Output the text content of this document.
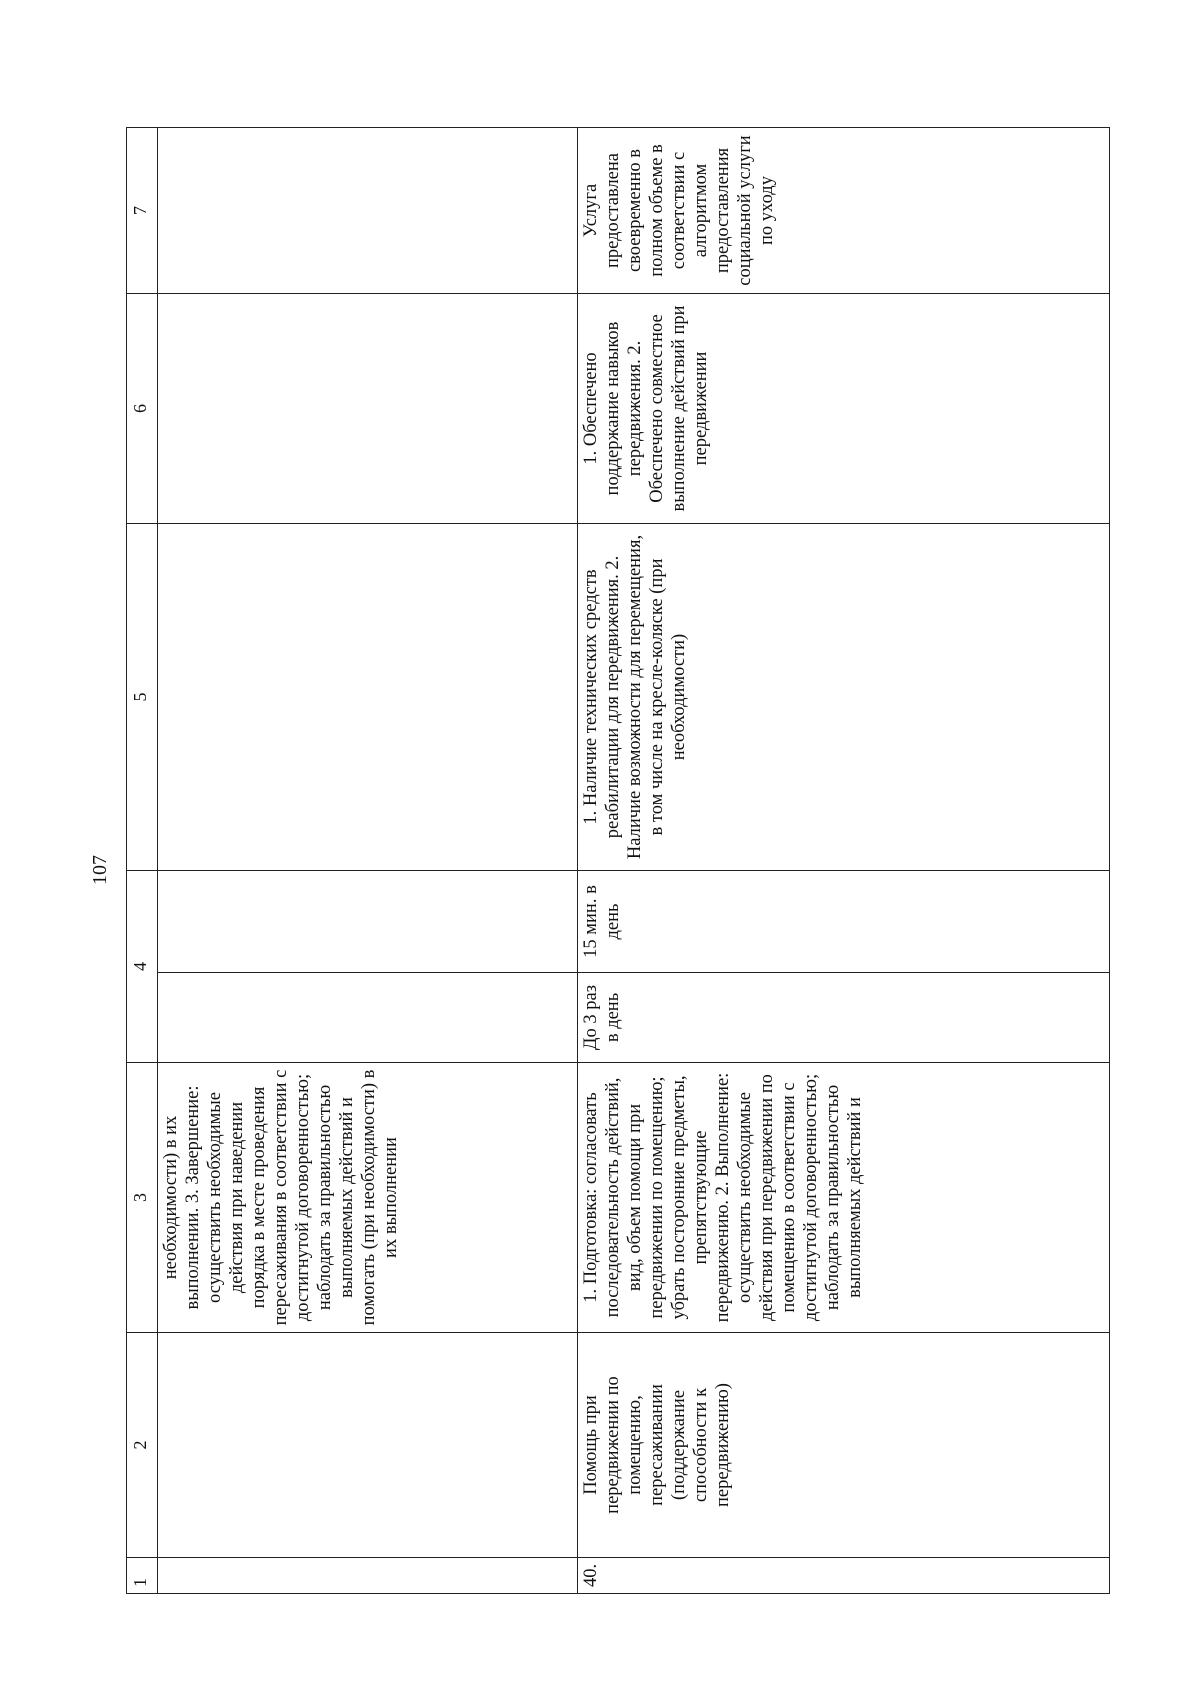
107
1	2	3	4		5	6	7
		необходимости) в их выполнении. 3. Завершение: осуществить необходимые действия при наведении порядка в месте проведения пересаживания в соответствии с достигнутой договоренностью; наблодать за правильностью выполняемых действий и помогать (при необходимости) в их выполнении					
40.	Помощь при передвижении по помещению, пересаживании (поддержание способности к передвижению)	1. Подготовка: согласовать последовательность действий, вид, объем помощи при передвижении по помещению; убрать посторонние предметы, препятствующие передвижению. 2. Выполнение: осуществить необходимые действия при передвижении по помещению в соответствии с достигнутой договоренностью; наблодать за правильностью выполняемых действий и	До 3 раз в день	15 мин. в день	1. Наличие технических средств реабилитации для передвижения. 2. Наличие возможности для перемещения, в том числе на кресле-коляске (при необходимости)	1. Обеспечено поддержание навыков передвижения. 2. Обеспечено совместное выполнение действий при передвижении	Услуга предоставлена своевременно в полном объеме в соответствии с алгоритмом предоставления социальной услуги по уходу
